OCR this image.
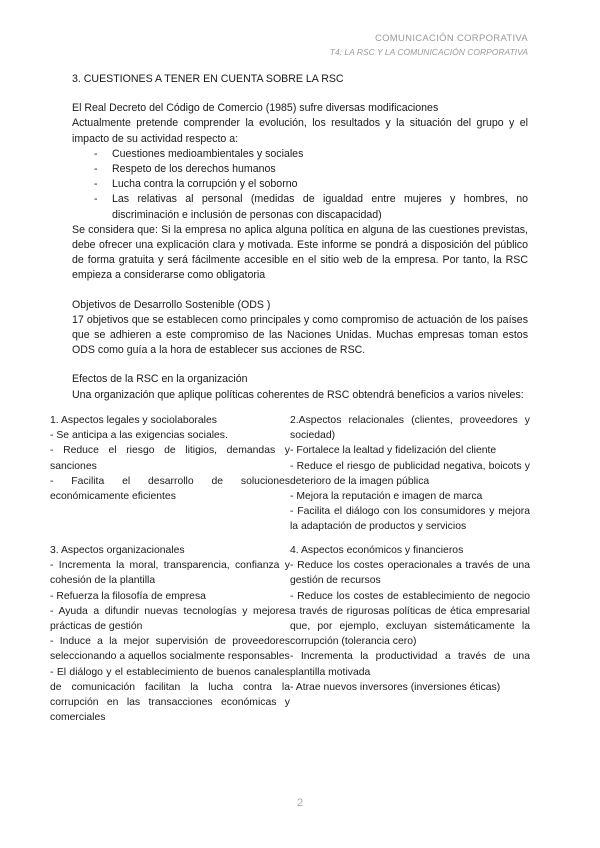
COMUNICACIÓN CORPORATIVA
T4: LA RSC Y LA COMUNICACIÓN CORPORATIVA
3. CUESTIONES A TENER EN CUENTA SOBRE LA RSC

El Real Decreto del Código de Comercio (1985) sufre diversas modificaciones

Actualmente pretende comprender la evolución, los resultados y la situación del grupo y el impacto de su actividad respecto a:

- Cuestiones medioambientales y sociales
- Respeto de los derechos humanos
- Lucha contra la corrupción y el soborno
- Las relativas al personal (medidas de igualdad entre mujeres y hombres, no discriminación e inclusión de personas con discapacidad)

Se considera que: Si la empresa no aplica alguna política en alguna de las cuestiones previstas, debe ofrecer una explicación clara y motivada. Este informe se pondrá a disposición del público de forma gratuita y será fácilmente accesible en el sitio web de la empresa. Por tanto, la RSC empieza a considerarse como obligatoria

Objetivos de Desarrollo Sostenible (ODS )

17 objetivos que se establecen como principales y como compromiso de actuación de los países que se adhieren a este compromiso de las Naciones Unidas. Muchas empresas toman estos ODS como guía a la hora de establecer sus acciones de RSC.

Efectos de la RSC en la organización

Una organización que aplique políticas coherentes de RSC obtendrá beneficios a varios niveles:

1. Aspectos legales y sociolaborales

- Se anticipa a las exigencias sociales.

- Reduce el riesgo de litigios, demandas y sanciones

- Facilita el desarrollo de soluciones económicamente eficientes

2.Aspectos relacionales (clientes, proveedores y sociedad)

- Fortalece la lealtad y fidelización del cliente

- Reduce el riesgo de publicidad negativa, boicots y deterioro de la imagen pública

- Mejora la reputación e imagen de marca

- Facilita el diálogo con los consumidores y mejora la adaptación de productos y servicios

3. Aspectos organizacionales

- Incrementa la moral, transparencia, confianza y cohesión de la plantilla

- Refuerza la filosofía de empresa

- Ayuda a difundir nuevas tecnologías y mejores prácticas de gestión

- Induce a la mejor supervisión de proveedores seleccionando a aquellos socialmente responsables

- El diálogo y el establecimiento de buenos canales de comunicación facilitan la lucha contra la corrupción en las transacciones económicas y comerciales

4. Aspectos económicos y financieros

- Reduce los costes operacionales a través de una gestión de recursos

- Reduce los costes de establecimiento de negocio a través de rigurosas políticas de ética empresarial que, por ejemplo, excluyan sistemáticamente la corrupción (tolerancia cero)

- Incrementa la productividad a través de una plantilla motivada

- Atrae nuevos inversores (inversiones éticas)

2
